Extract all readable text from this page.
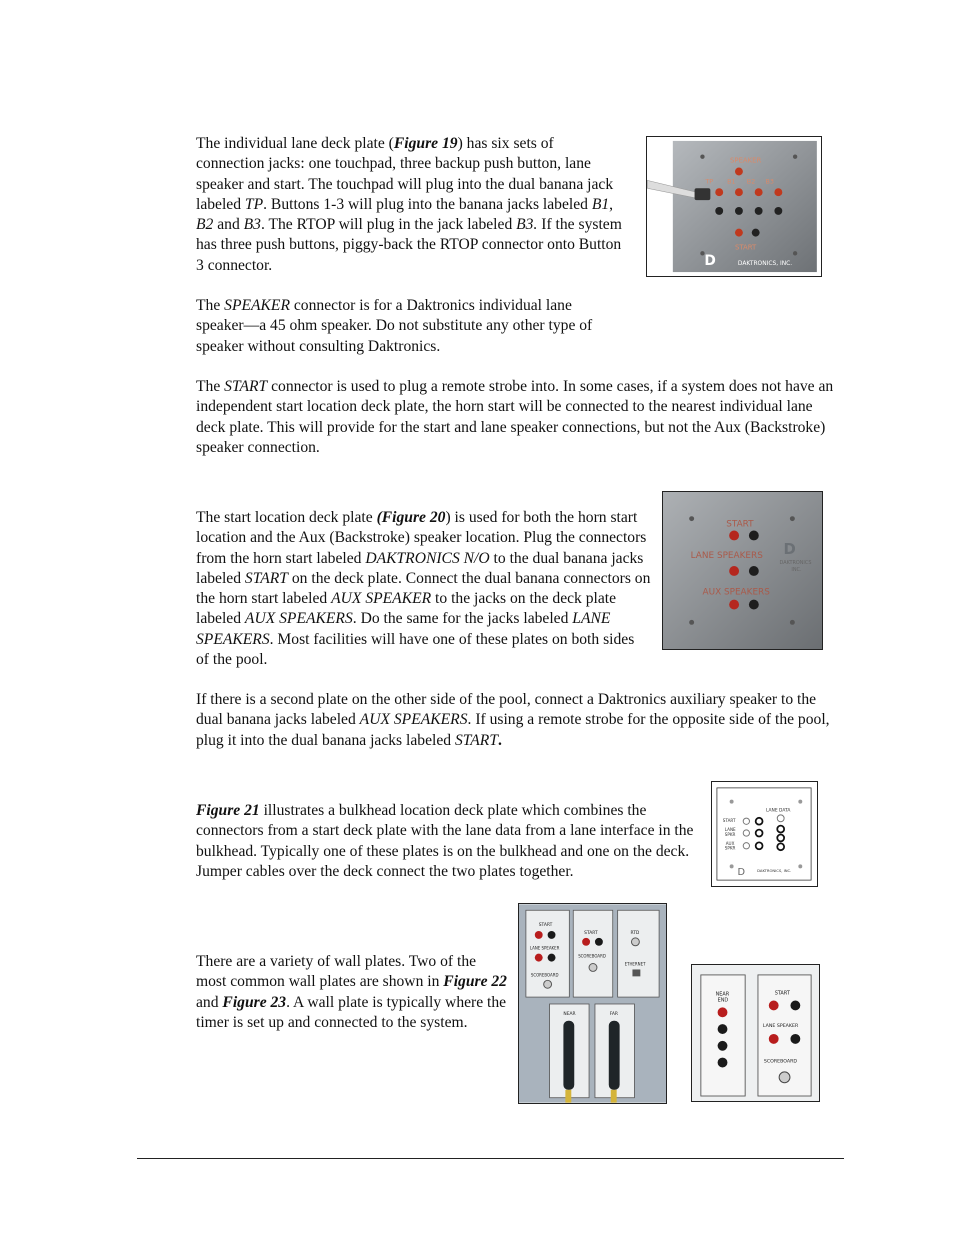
The individual lane deck plate (Figure 19) has six sets of connection jacks: one touchpad, three backup push button, lane speaker and start. The touchpad will plug into the dual banana jack labeled TP. Buttons 1-3 will plug into the banana jacks labeled B1, B2 and B3. The RTOP will plug in the jack labeled B3. If the system has three push buttons, piggy-back the RTOP connector onto Button 3 connector.

The SPEAKER connector is for a Daktronics individual lane speaker—a 45 ohm speaker. Do not substitute any other type of speaker without consulting Daktronics.

The START connector is used to plug a remote strobe into. In some cases, if a system does not have an independent start location deck plate, the horn start will be connected to the nearest individual lane deck plate. This will provide for the start and lane speaker connections, but not the Aux (Backstroke) speaker connection.

The start location deck plate (Figure 20) is used for both the horn start location and the Aux (Backstroke) speaker location. Plug the connectors from the horn start labeled DAKTRONICS N/O to the dual banana jacks labeled START on the deck plate. Connect the dual banana connectors on the horn start labeled AUX SPEAKER to the jacks on the deck plate labeled AUX SPEAKERS. Do the same for the jacks labeled LANE SPEAKERS. Most facilities will have one of these plates on both sides of the pool.

If there is a second plate on the other side of the pool, connect a Daktronics auxiliary speaker to the dual banana jacks labeled AUX SPEAKERS. If using a remote strobe for the opposite side of the pool, plug it into the dual banana jacks labeled START.

Figure 21 illustrates a bulkhead location deck plate which combines the connectors from a start deck plate with the lane data from a lane interface in the bulkhead. Typically one of these plates is on the bulkhead and one on the deck. Jumper cables over the deck connect the two plates together.

There are a variety of wall plates. Two of the most common wall plates are shown in Figure 22 and Figure 23. A wall plate is typically where the timer is set up and connected to the system.

SPEAKER
TP B1 B2 B3
START
D	DAKTRONICS, INC.
START
LANE SPEAKERS
AUX SPEAKERS
D
DAKTRONICS
INC.
LANE DATA
START
LANE
SPKR
AUX
SPKR
D	DAKTRONICS, INC.
START
LANE SPEAKER
SCOREBOARD
START
SCOREBOARD
RTD
ETHERNET
NEAR	FAR
NEAR
END
START
LANE SPEAKER
SCOREBOARD
